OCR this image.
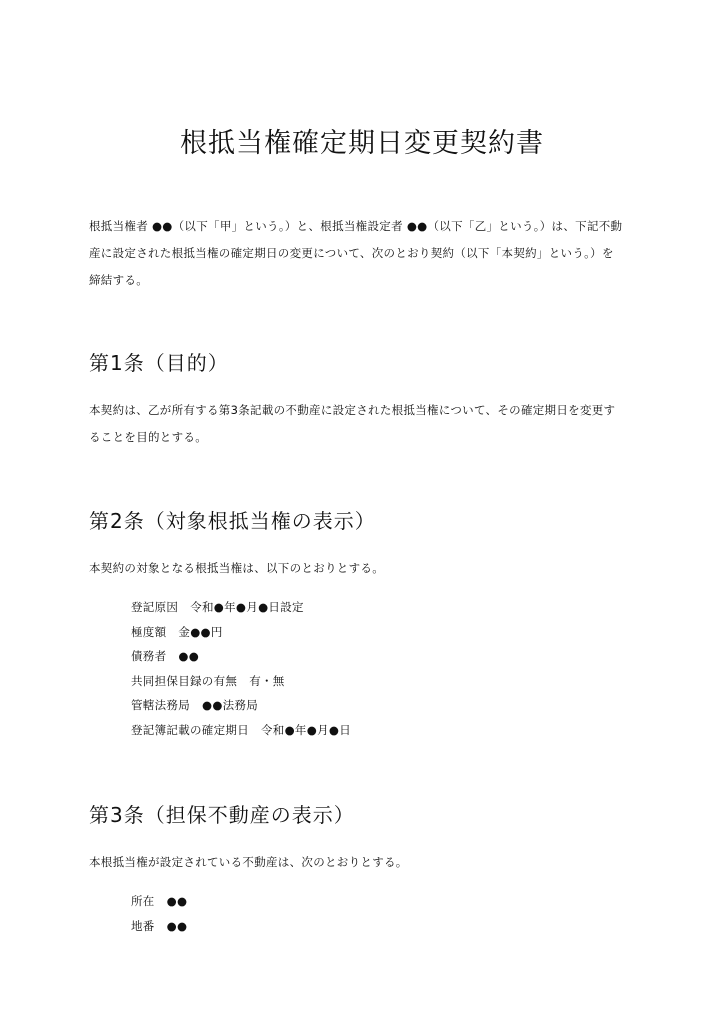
根抵当権確定期日変更契約書

根抵当権者 ●●（以下「甲」という。）と、根抵当権設定者 ●●（以下「乙」という。）は、下記不動

産に設定された根抵当権の確定期日の変更について、次のとおり契約（以下「本契約」という。）を

締結する。

第1条（目的）

本契約は、乙が所有する第3条記載の不動産に設定された根抵当権について、その確定期日を変更す

ることを目的とする。

第2条（対象根抵当権の表示）

本契約の対象となる根抵当権は、以下のとおりとする。

登記原因 令和●年●月●日設定
極度額 金●●円
債務者 ●●
共同担保目録の有無 有・無
管轄法務局 ●●法務局
登記簿記載の確定期日 令和●年●月●日
第3条（担保不動産の表示）

本根抵当権が設定されている不動産は、次のとおりとする。

所在 ●●
地番 ●●
